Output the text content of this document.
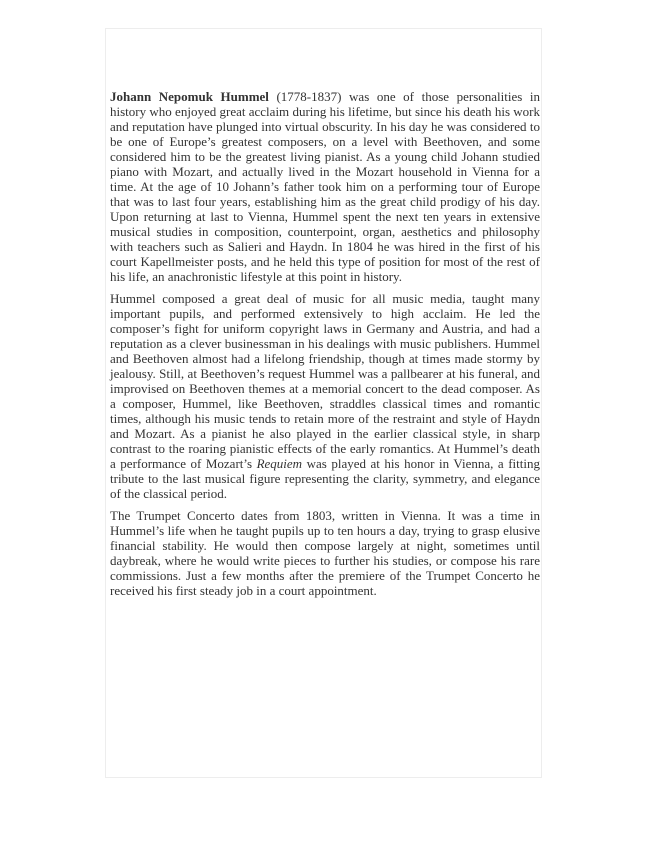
Johann Nepomuk Hummel (1778-1837) was one of those personalities in history who enjoyed great acclaim during his lifetime, but since his death his work and reputation have plunged into virtual obscurity. In his day he was considered to be one of Europe’s greatest composers, on a level with Beethoven, and some considered him to be the greatest living pianist. As a young child Johann studied piano with Mozart, and actually lived in the Mozart household in Vienna for a time. At the age of 10 Johann’s father took him on a performing tour of Europe that was to last four years, establishing him as the great child prodigy of his day. Upon returning at last to Vienna, Hummel spent the next ten years in extensive musical studies in composition, counterpoint, organ, aesthetics and philosophy with teachers such as Salieri and Haydn. In 1804 he was hired in the first of his court Kapellmeister posts, and he held this type of position for most of the rest of his life, an anachronistic lifestyle at this point in history.

Hummel composed a great deal of music for all music media, taught many important pupils, and performed extensively to high acclaim. He led the composer’s fight for uniform copyright laws in Germany and Austria, and had a reputation as a clever businessman in his dealings with music publishers. Hummel and Beethoven almost had a lifelong friendship, though at times made stormy by jealousy. Still, at Beethoven’s request Hummel was a pallbearer at his funeral, and improvised on Beethoven themes at a memorial concert to the dead composer. As a composer, Hummel, like Beethoven, straddles classical times and romantic times, although his music tends to retain more of the restraint and style of Haydn and Mozart. As a pianist he also played in the earlier classical style, in sharp contrast to the roaring pianistic effects of the early romantics. At Hummel’s death a performance of Mozart’s Requiem was played at his honor in Vienna, a fitting tribute to the last musical figure representing the clarity, symmetry, and elegance of the classical period.

The Trumpet Concerto dates from 1803, written in Vienna. It was a time in Hummel’s life when he taught pupils up to ten hours a day, trying to grasp elusive financial stability. He would then compose largely at night, sometimes until daybreak, where he would write pieces to further his studies, or compose his rare commissions. Just a few months after the premiere of the Trumpet Concerto he received his first steady job in a court appointment.
